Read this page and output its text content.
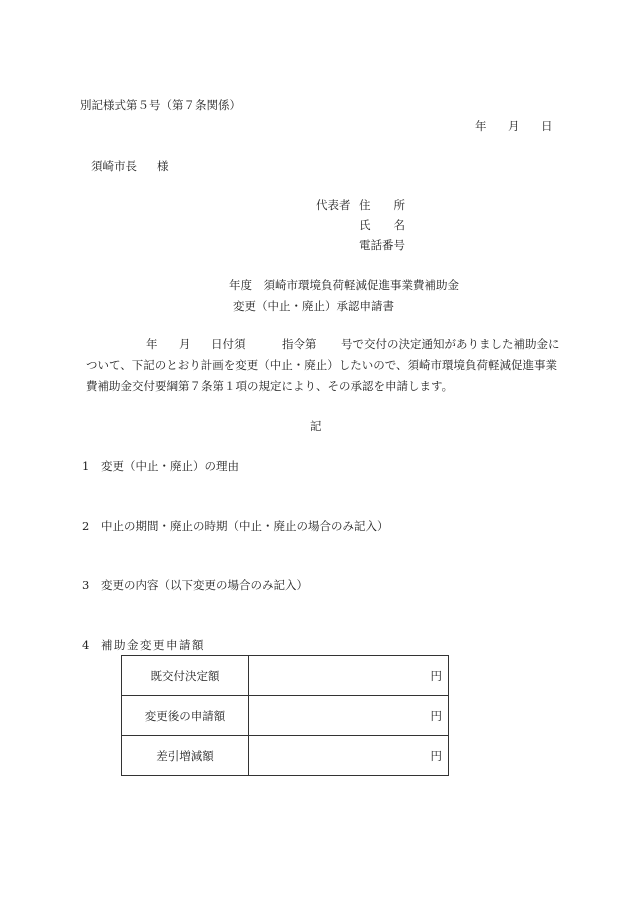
別記様式第５号（第７条関係）
年 月 日
須崎市長 様
代表者 住　　所
氏　　名
電話番号
年度　須崎市環境負荷軽減促進事業費補助金
変更（中止・廃止）承認申請書
年 月 日付須	指令第 号で交付の決定通知がありました補助金に
ついて、下記のとおり計画を変更（中止・廃止）したいので、須崎市環境負荷軽減促進事業
費補助金交付要綱第７条第１項の規定により、その承認を申請します。
記
1 変更（中止・廃止）の理由
2 中止の期間・廃止の時期（中止・廃止の場合のみ記入）
3 変更の内容（以下変更の場合のみ記入）
4 補助金変更申請額
既交付決定額	円
変更後の申請額	円
差引増減額	円
